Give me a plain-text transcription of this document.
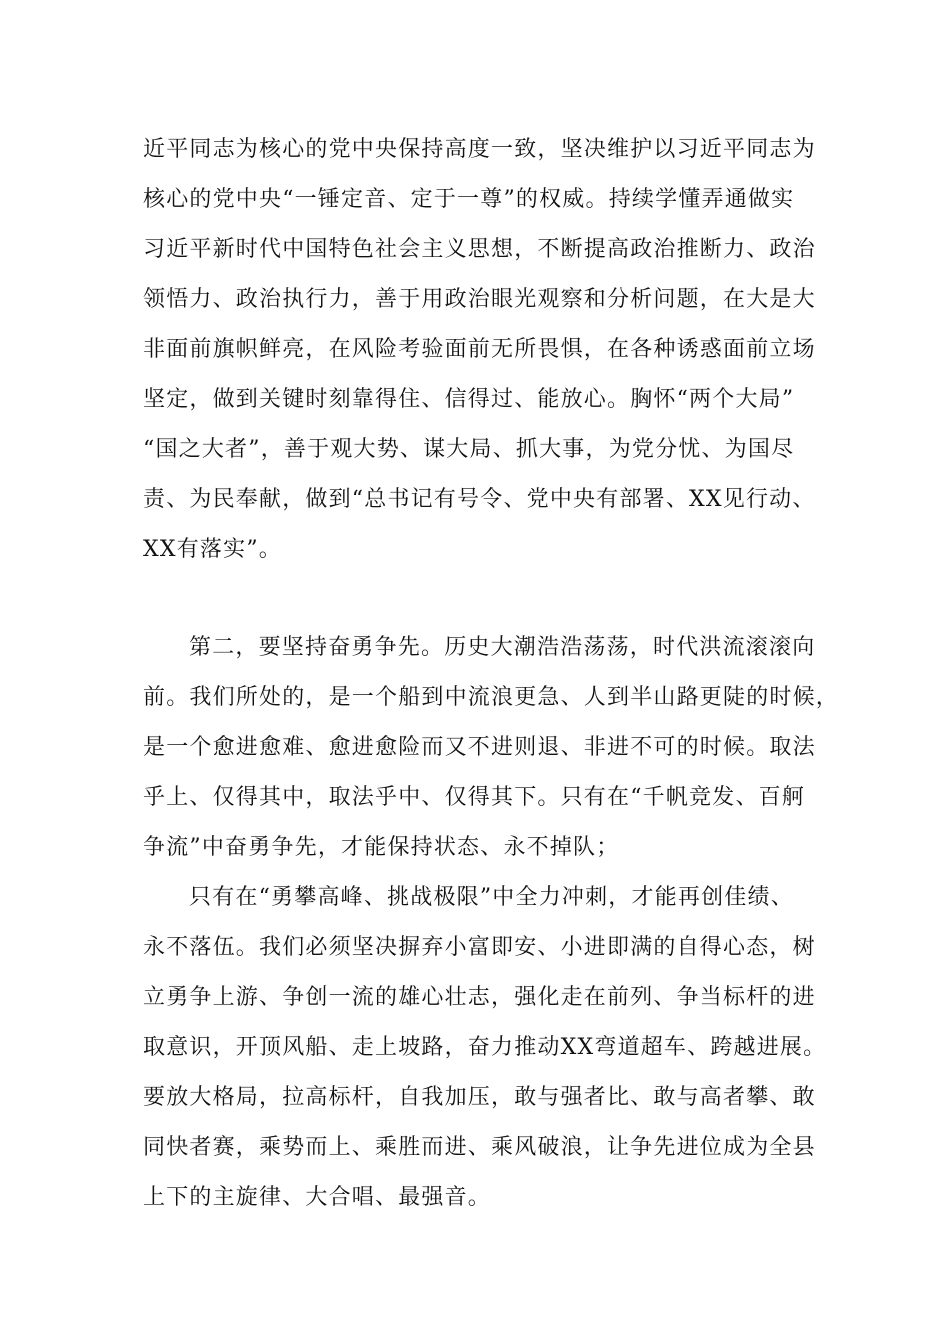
近平同志为核心的党中央保持高度一致，坚决维护以习近平同志为

核心的党中央“一锤定音、定于一尊”的权威。持续学懂弄通做实

习近平新时代中国特色社会主义思想，不断提高政治推断力、政治

领悟力、政治执行力，善于用政治眼光观察和分析问题，在大是大

非面前旗帜鲜亮，在风险考验面前无所畏惧，在各种诱惑面前立场

坚定，做到关键时刻靠得住、信得过、能放心。胸怀“两个大局”

“国之大者”，善于观大势、谋大局、抓大事，为党分忧、为国尽

责、为民奉献，做到“总书记有号令、党中央有部署、XX见行动、

XX有落实”。

第二，要坚持奋勇争先。历史大潮浩浩荡荡，时代洪流滚滚向

前。我们所处的，是一个船到中流浪更急、人到半山路更陡的时候，

是一个愈进愈难、愈进愈险而又不进则退、非进不可的时候。取法

乎上、仅得其中，取法乎中、仅得其下。只有在“千帆竞发、百舸

争流”中奋勇争先，才能保持状态、永不掉队；

只有在“勇攀高峰、挑战极限”中全力冲刺，才能再创佳绩、

永不落伍。我们必须坚决摒弃小富即安、小进即满的自得心态，树

立勇争上游、争创一流的雄心壮志，强化走在前列、争当标杆的进

取意识，开顶风船、走上坡路，奋力推动XX弯道超车、跨越进展。

要放大格局，拉高标杆，自我加压，敢与强者比、敢与高者攀、敢

同快者赛，乘势而上、乘胜而进、乘风破浪，让争先进位成为全县

上下的主旋律、大合唱、最强音。
